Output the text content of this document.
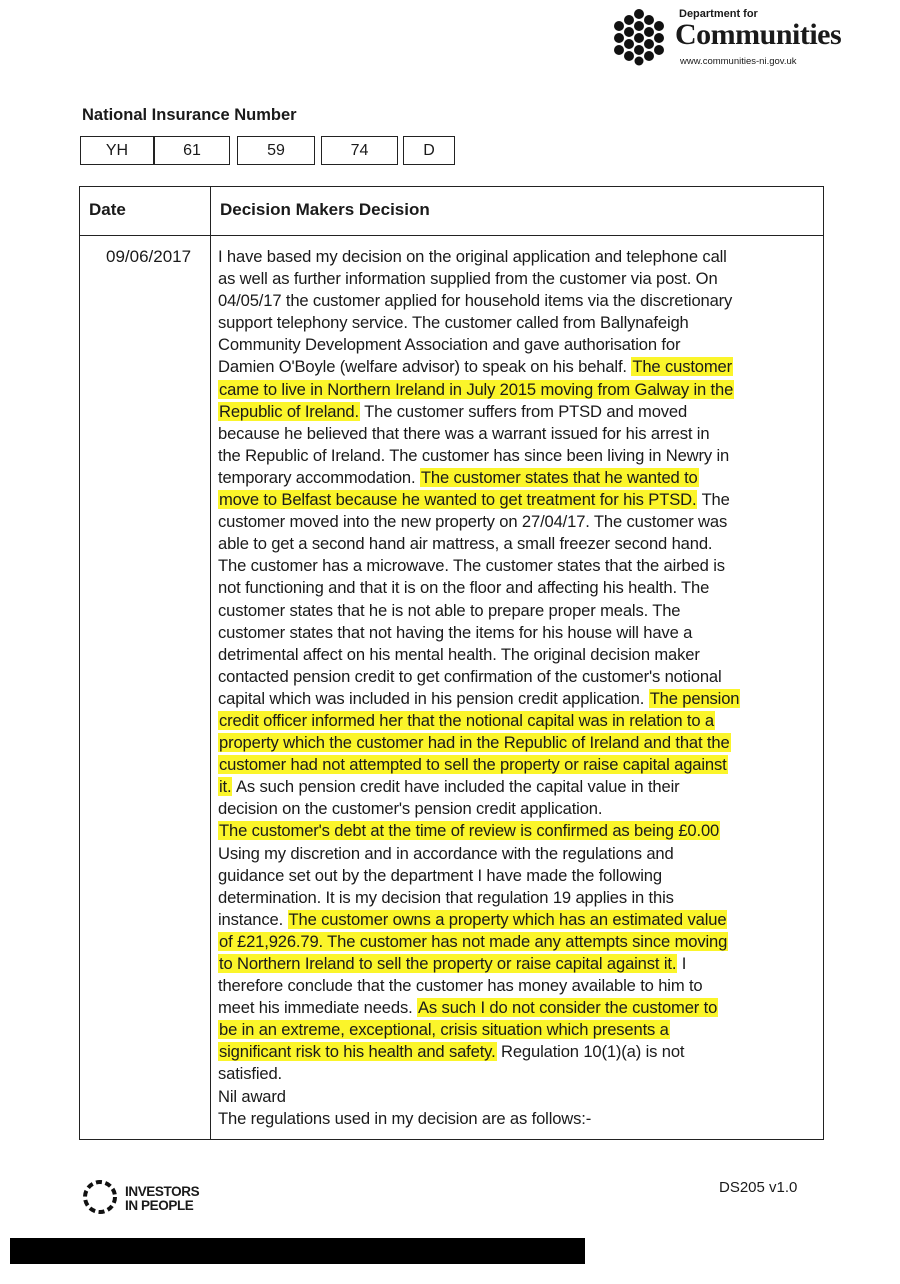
Department for
Communities
www.communities-ni.gov.uk
National Insurance Number
YH	61	59	74	D
Date	Decision Makers Decision
09/06/2017 I have based my decision on the original application and telephone call
as well as further information supplied from the customer via post. On
04/05/17 the customer applied for household items via the discretionary
support telephony service. The customer called from Ballynafeigh
Community Development Association and gave authorisation for
Damien O'Boyle (welfare advisor) to speak on his behalf. The customer
came to live in Northern Ireland in July 2015 moving from Galway in the
Republic of Ireland. The customer suffers from PTSD and moved
because he believed that there was a warrant issued for his arrest in
the Republic of Ireland. The customer has since been living in Newry in
temporary accommodation. The customer states that he wanted to
move to Belfast because he wanted to get treatment for his PTSD. The
customer moved into the new property on 27/04/17. The customer was
able to get a second hand air mattress, a small freezer second hand.
The customer has a microwave. The customer states that the airbed is
not functioning and that it is on the floor and affecting his health. The
customer states that he is not able to prepare proper meals. The
customer states that not having the items for his house will have a
detrimental affect on his mental health. The original decision maker
contacted pension credit to get confirmation of the customer's notional
capital which was included in his pension credit application. The pension
credit officer informed her that the notional capital was in relation to a
property which the customer had in the Republic of Ireland and that the
customer had not attempted to sell the property or raise capital against
it. As such pension credit have included the capital value in their
decision on the customer's pension credit application.
The customer's debt at the time of review is confirmed as being £0.00
Using my discretion and in accordance with the regulations and
guidance set out by the department I have made the following
determination. It is my decision that regulation 19 applies in this
instance. The customer owns a property which has an estimated value
of £21,926.79. The customer has not made any attempts since moving
to Northern Ireland to sell the property or raise capital against it. I
therefore conclude that the customer has money available to him to
meet his immediate needs. As such I do not consider the customer to
be in an extreme, exceptional, crisis situation which presents a
significant risk to his health and safety. Regulation 10(1)(a) is not
satisfied.
Nil award
The regulations used in my decision are as follows:-
INVESTORS
IN PEOPLE
DS205 v1.0
